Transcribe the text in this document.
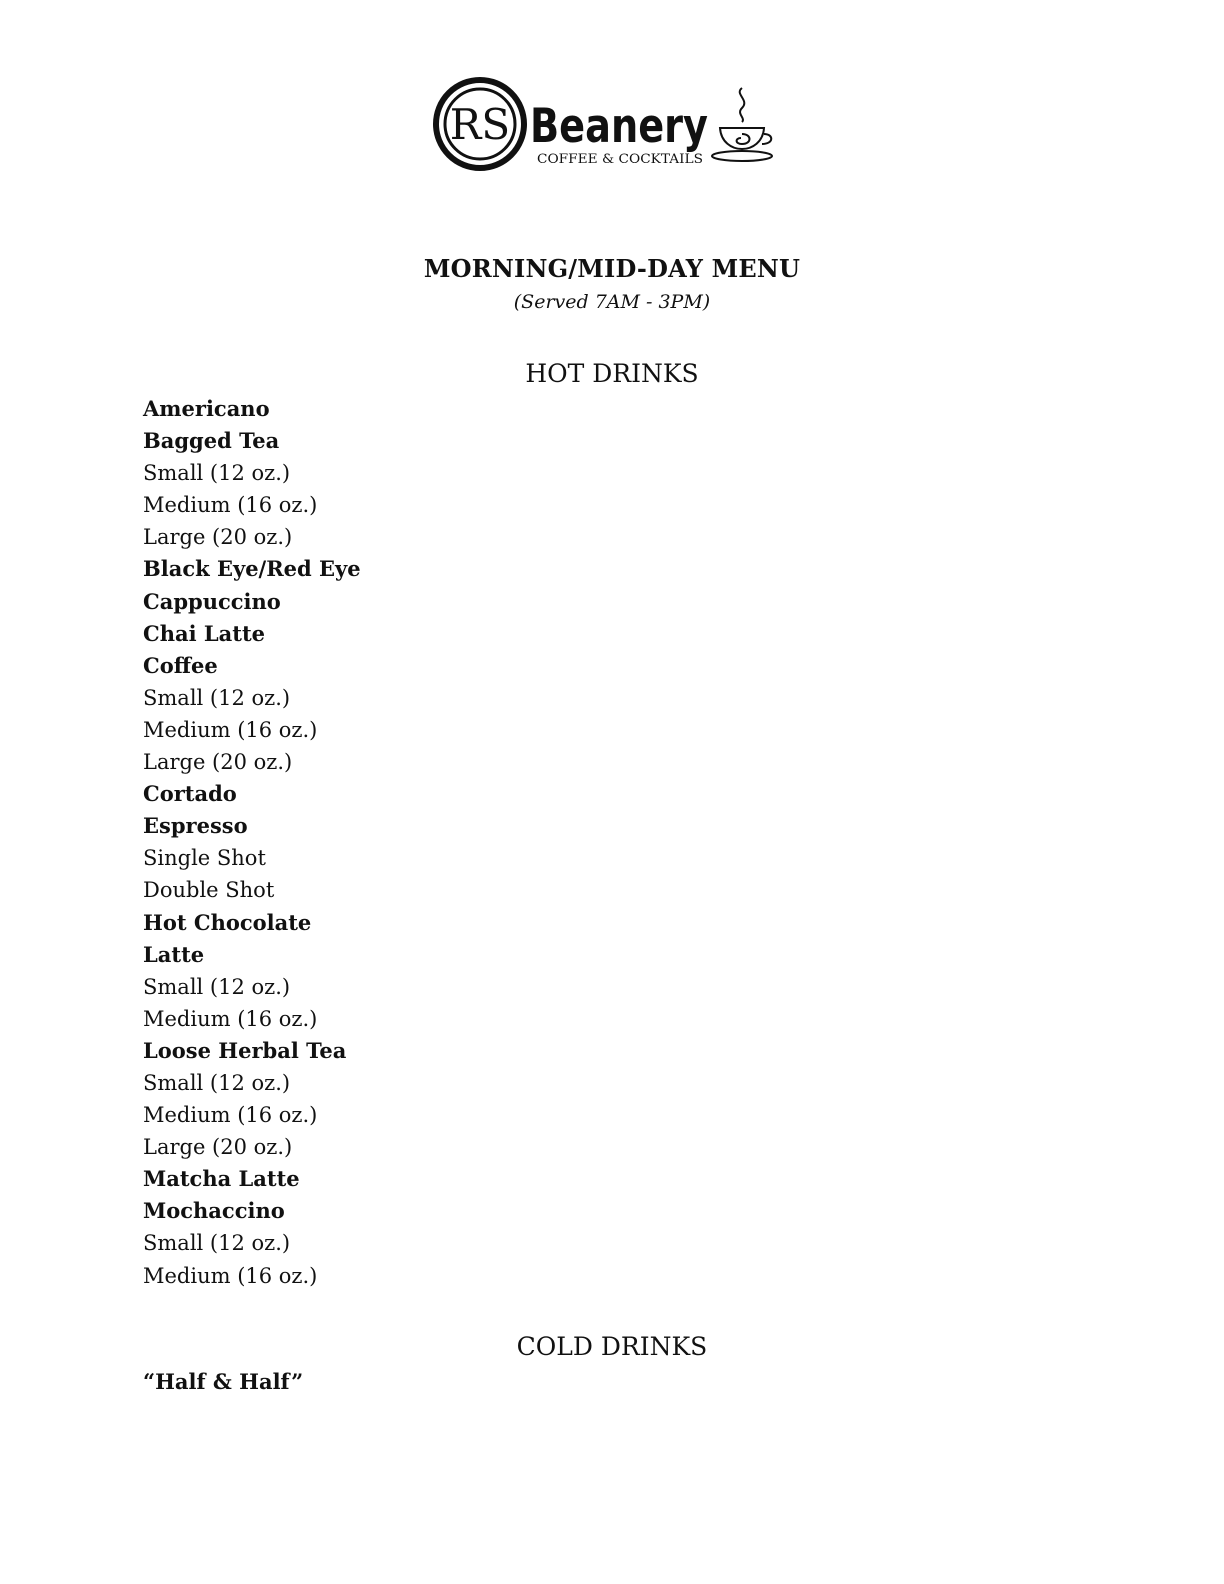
RS Beanery
COFFEE & COCKTAILS
MORNING/MID-DAY MENU
(Served 7AM - 3PM)
HOT DRINKS
Americano
Bagged Tea
Small (12 oz.)
Medium (16 oz.)
Large (20 oz.)
Black Eye/Red Eye
Cappuccino
Chai Latte
Coffee
Small (12 oz.)
Medium (16 oz.)
Large (20 oz.)
Cortado
Espresso
Single Shot
Double Shot
Hot Chocolate
Latte
Small (12 oz.)
Medium (16 oz.)
Loose Herbal Tea
Small (12 oz.)
Medium (16 oz.)
Large (20 oz.)
Matcha Latte
Mochaccino
Small (12 oz.)
Medium (16 oz.)
COLD DRINKS
“Half & Half”
